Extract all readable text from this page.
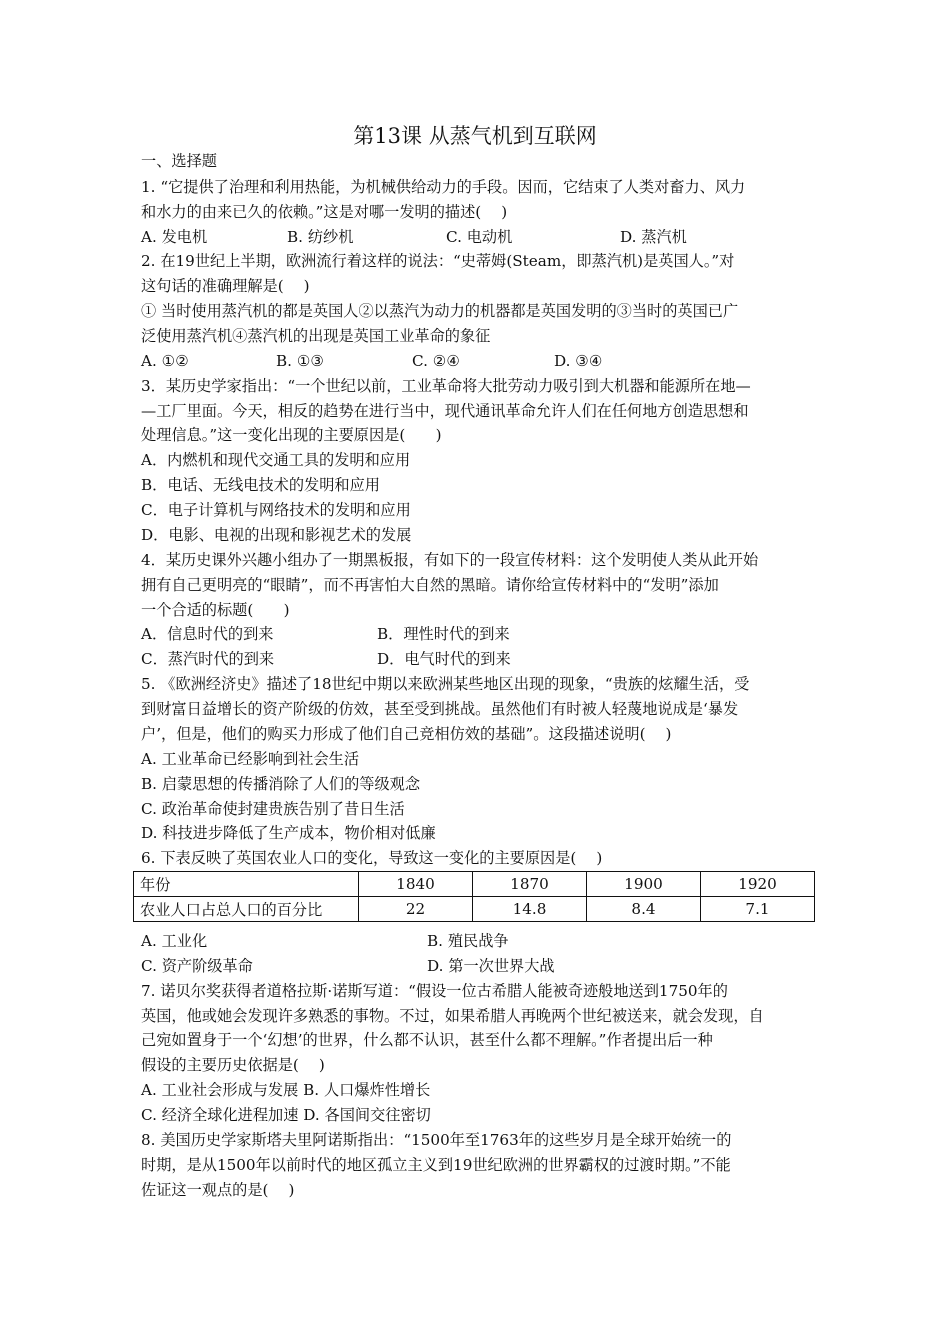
第13课 从蒸气机到互联网
一、选择题
1. “它提供了治理和利用热能，为机械供给动力的手段。因而，它结束了人类对畜力、风力
和水力的由来已久的依赖。”这是对哪一发明的描述(　 )
A. 发电机	B. 纺纱机	C. 电动机	D. 蒸汽机
2. 在19世纪上半期，欧洲流行着这样的说法：“史蒂姆(Steam，即蒸汽机)是英国人。”对
这句话的准确理解是(　 )
① 当时使用蒸汽机的都是英国人②以蒸汽为动力的机器都是英国发明的③当时的英国已广
泛使用蒸汽机④蒸汽机的出现是英国工业革命的象征
A. ①②	B. ①③	C. ②④	D. ③④
3．某历史学家指出：“一个世纪以前，工业革命将大批劳动力吸引到大机器和能源所在地—
—工厂里面。今天，相反的趋势在进行当中，现代通讯革命允许人们在任何地方创造思想和
处理信息。”这一变化出现的主要原因是(　　)
A．内燃机和现代交通工具的发明和应用
B．电话、无线电技术的发明和应用
C．电子计算机与网络技术的发明和应用
D．电影、电视的出现和影视艺术的发展
4．某历史课外兴趣小组办了一期黑板报，有如下的一段宣传材料：这个发明使人类从此开始
拥有自己更明亮的“眼睛”，而不再害怕大自然的黑暗。请你给宣传材料中的“发明”添加
一个合适的标题(　　)
A．信息时代的到来	B．理性时代的到来
C．蒸汽时代的到来	D．电气时代的到来
5. 《欧洲经济史》描述了18世纪中期以来欧洲某些地区出现的现象，“贵族的炫耀生活，受
到财富日益增长的资产阶级的仿效，甚至受到挑战。虽然他们有时被人轻蔑地说成是‘暴发
户’，但是，他们的购买力形成了他们自己竞相仿效的基础”。这段描述说明(　 )
A. 工业革命已经影响到社会生活
B. 启蒙思想的传播消除了人们的等级观念
C. 政治革命使封建贵族告别了昔日生活
D. 科技进步降低了生产成本，物价相对低廉
6. 下表反映了英国农业人口的变化，导致这一变化的主要原因是(　 )
年份	1840	1870	1900	1920
农业人口占总人口的百分比	22	14.8	8.4	7.1
A. 工业化	B. 殖民战争
C. 资产阶级革命	D. 第一次世界大战
7. 诺贝尔奖获得者道格拉斯·诺斯写道：“假设一位古希腊人能被奇迹般地送到1750年的
英国，他或她会发现许多熟悉的事物。不过，如果希腊人再晚两个世纪被送来，就会发现，自
己宛如置身于一个‘幻想’的世界，什么都不认识，甚至什么都不理解。”作者提出后一种
假设的主要历史依据是(　 )
A. 工业社会形成与发展 B. 人口爆炸性增长
C. 经济全球化进程加速 D. 各国间交往密切
8. 美国历史学家斯塔夫里阿诺斯指出：“1500年至1763年的这些岁月是全球开始统一的
时期，是从1500年以前时代的地区孤立主义到19世纪欧洲的世界霸权的过渡时期。”不能
佐证这一观点的是(　 )
